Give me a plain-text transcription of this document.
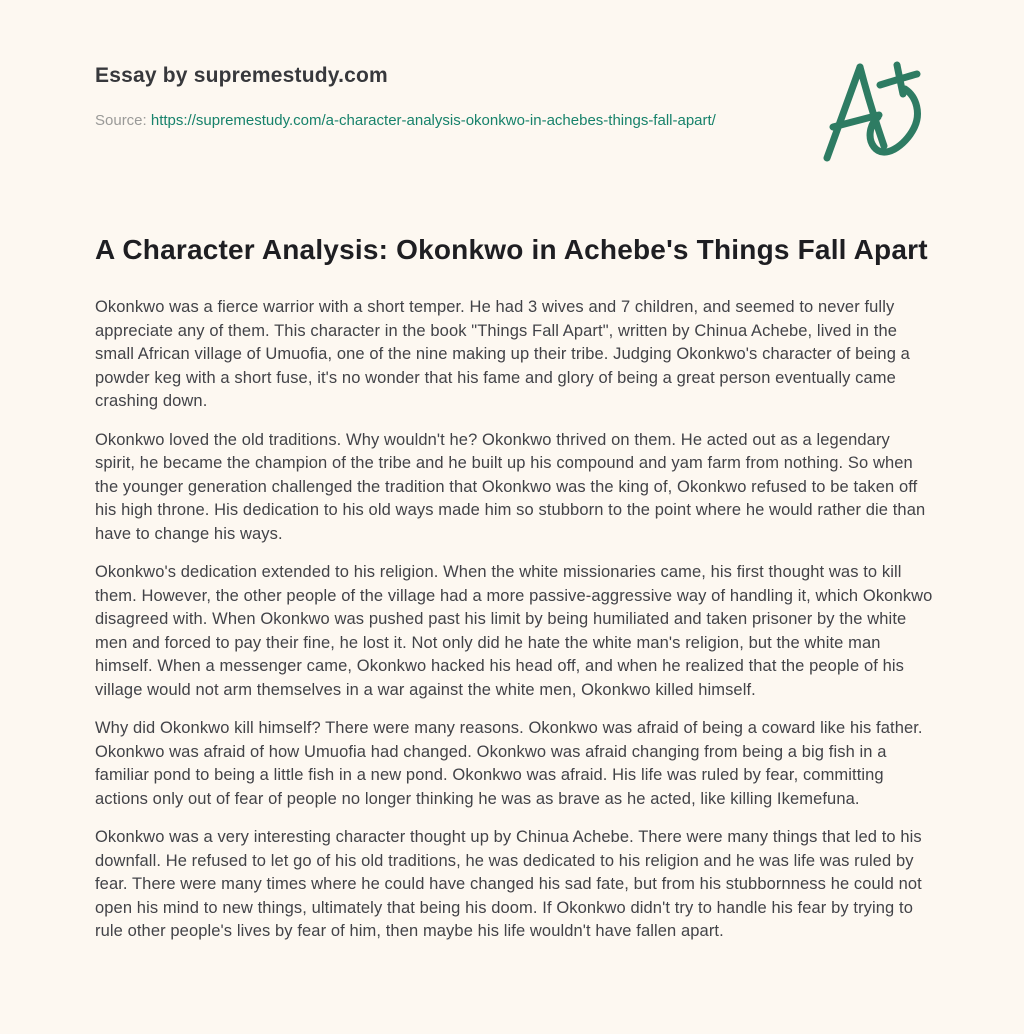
Essay by supremestudy.com

Source: https://supremestudy.com/a-character-analysis-okonkwo-in-achebes-things-fall-apart/

A Character Analysis: Okonkwo in Achebe's Things Fall Apart

Okonkwo was a fierce warrior with a short temper. He had 3 wives and 7 children, and seemed to never fully appreciate any of them. This character in the book "Things Fall Apart", written by Chinua Achebe, lived in the small African village of Umuofia, one of the nine making up their tribe. Judging Okonkwo's character of being a powder keg with a short fuse, it's no wonder that his fame and glory of being a great person eventually came crashing down.

Okonkwo loved the old traditions. Why wouldn't he? Okonkwo thrived on them. He acted out as a legendary spirit, he became the champion of the tribe and he built up his compound and yam farm from nothing. So when the younger generation challenged the tradition that Okonkwo was the king of, Okonkwo refused to be taken off his high throne. His dedication to his old ways made him so stubborn to the point where he would rather die than have to change his ways.

Okonkwo's dedication extended to his religion. When the white missionaries came, his first thought was to kill them. However, the other people of the village had a more passive-aggressive way of handling it, which Okonkwo disagreed with. When Okonkwo was pushed past his limit by being humiliated and taken prisoner by the white men and forced to pay their fine, he lost it. Not only did he hate the white man's religion, but the white man himself. When a messenger came, Okonkwo hacked his head off, and when he realized that the people of his village would not arm themselves in a war against the white men, Okonkwo killed himself.

Why did Okonkwo kill himself? There were many reasons. Okonkwo was afraid of being a coward like his father. Okonkwo was afraid of how Umuofia had changed. Okonkwo was afraid changing from being a big fish in a familiar pond to being a little fish in a new pond. Okonkwo was afraid. His life was ruled by fear, committing actions only out of fear of people no longer thinking he was as brave as he acted, like killing Ikemefuna.

Okonkwo was a very interesting character thought up by Chinua Achebe. There were many things that led to his downfall. He refused to let go of his old traditions, he was dedicated to his religion and he was life was ruled by fear. There were many times where he could have changed his sad fate, but from his stubbornness he could not open his mind to new things, ultimately that being his doom. If Okonkwo didn't try to handle his fear by trying to rule other people's lives by fear of him, then maybe his life wouldn't have fallen apart.
